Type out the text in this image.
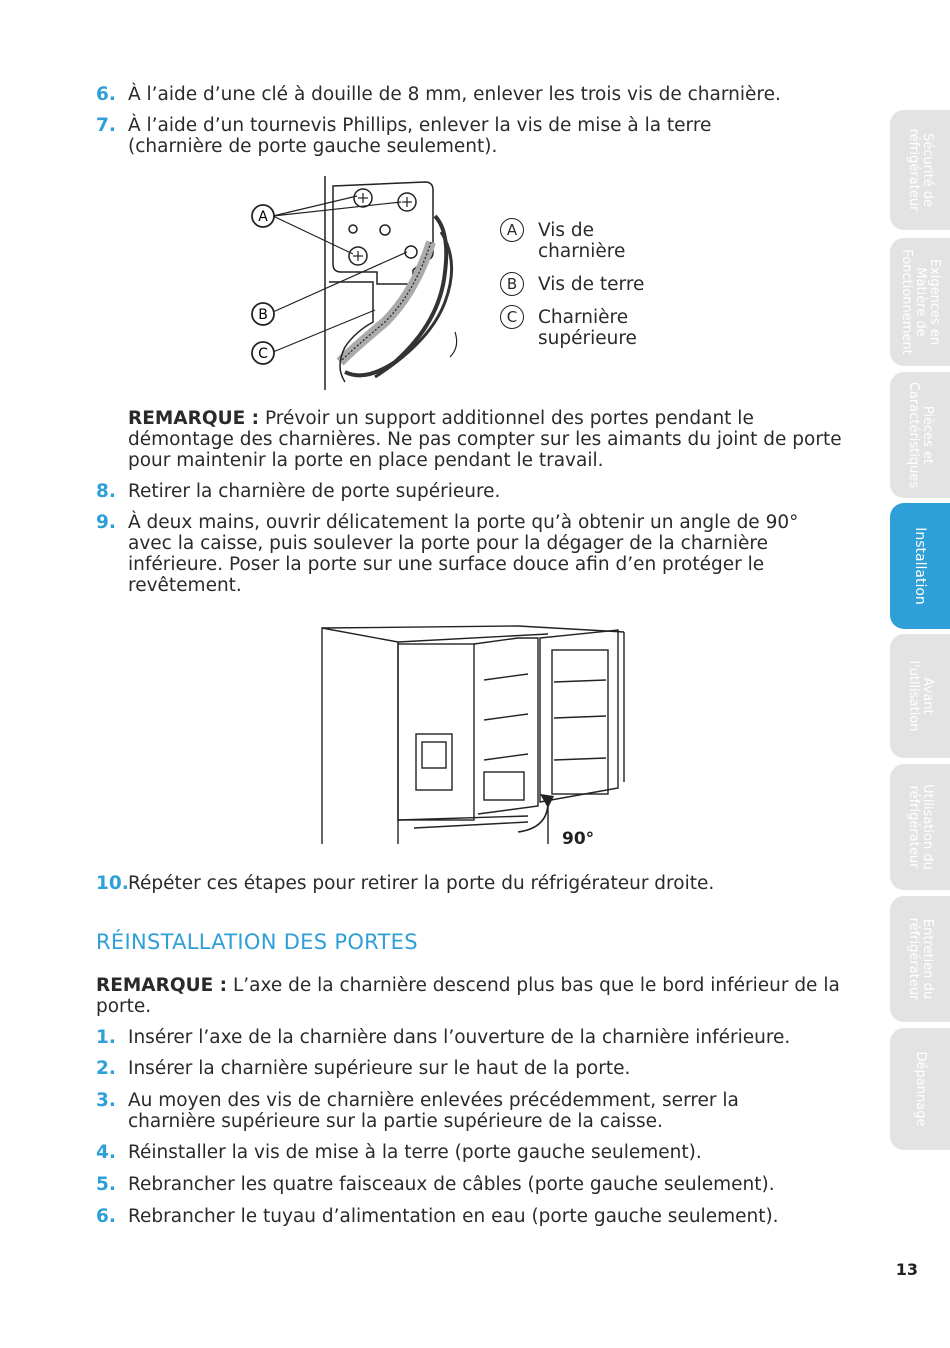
6. À l’aide d’une clé à douille de 8 mm, enlever les trois vis de charnière.
7. À l’aide d’un tournevis Phillips, enlever la vis de mise à la terre (charnière de porte gauche seulement).
A
B
C
A	Vis de charnière
B	Vis de terre
C	Charnière supérieure
REMARQUE : Prévoir un support additionnel des portes pendant le démontage des charnières. Ne pas compter sur les aimants du joint de porte pour maintenir la porte en place pendant le travail.
8. Retirer la charnière de porte supérieure.
9. À deux mains, ouvrir délicatement la porte qu’à obtenir un angle de 90° avec la caisse, puis soulever la porte pour la dégager de la charnière inférieure. Poser la porte sur une surface douce afin d’en protéger le revêtement.
90°
10. Répéter ces étapes pour retirer la porte du réfrigérateur droite.
RÉINSTALLATION DES PORTES
REMARQUE : L’axe de la charnière descend plus bas que le bord inférieur de la porte.
1. Insérer l’axe de la charnière dans l’ouverture de la charnière inférieure.
2. Insérer la charnière supérieure sur le haut de la porte.
3. Au moyen des vis de charnière enlevées précédemment, serrer la charnière supérieure sur la partie supérieure de la caisse.
4. Réinstaller la vis de mise à la terre (porte gauche seulement).
5. Rebrancher les quatre faisceaux de câbles (porte gauche seulement).
6. Rebrancher le tuyau d’alimentation en eau (porte gauche seulement).
Sécurité de
réfrigérateur
Exigences en
Matière de
Fonctionnement
Pièces et
Caractéristiques
Installation
Avant
l'utilisation
Utilisation du
réfrigérateur
Entretien du
réfrigérateur
Dépannage
13
